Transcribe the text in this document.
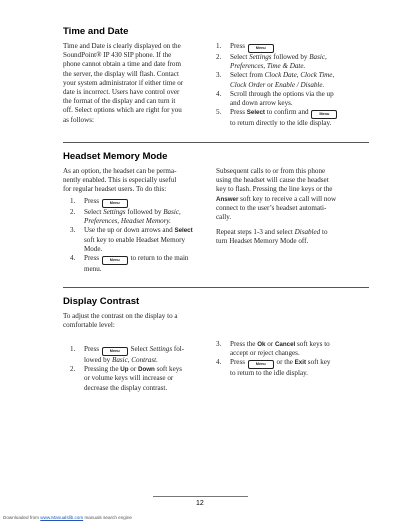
Time and Date
Time and Date is clearly displayed on the
SoundPoint® IP 430 SIP phone. If the
phone cannot obtain a time and date from
the server, the display will flash. Contact
your system administrator if either time or
date is incorrect. Users have control over
the format of the display and can turn it
off. Select options which are right for you
as follows:
1. Press	Menu
2. Select Settings followed by Basic,
Preferences, Time & Date.
3. Select from Clock Date, Clock Time,
Clock Order or Enable / Disable.
4. Scroll through the options via the up
and down arrow keys.
5. Press Select to confirm and	Menu
to return directly to the idle display.
Headset Memory Mode
As an option, the headset can be perma-
nently enabled. This is especially useful
for regular headset users. To do this:
1. Press	Menu
2. Select Settings followed by Basic,
Preferences, Headset Memory.
3. Use the up or down arrows and Select
soft key to enable Headset Memory
Mode.
4. Press	Menu to return to the main
menu.
Subsequent calls to or from this phone
using the headset will cause the headset
key to flash. Pressing the line keys or the
Answer soft key to receive a call will now
connect to the user’s headset automati-
cally.
Repeat steps 1-3 and select Disabled to
turn Headset Memory Mode off.
Display Contrast
To adjust the contrast on the display to a
comfortable level:
1. Press	Menu Select Settings fol-
lowed by Basic, Contrast.
2. Pressing the Up or Down soft keys
or volume keys will increase or
decrease the display contrast.
3. Press the Ok or Cancel soft keys to
accept or reject changes.
4. Press	Menu or the Exit soft key
to return to the idle display.
12
Downloaded from www.Manualslib.com manuals search engine
